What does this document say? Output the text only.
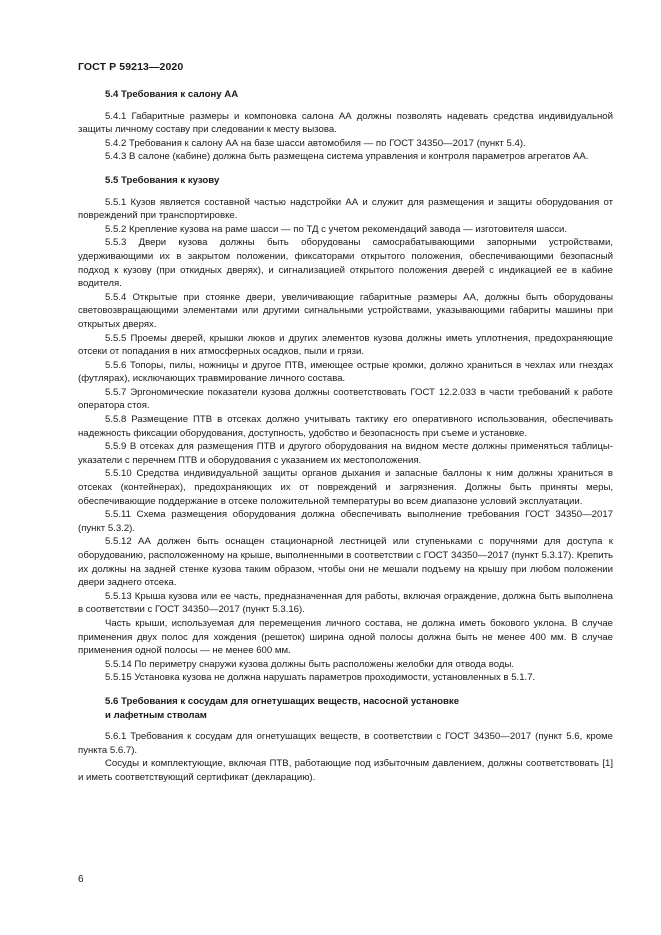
ГОСТ Р 59213—2020
5.4 Требования к салону АА

5.4.1 Габаритные размеры и компоновка салона АА должны позволять надевать средства индивидуальной защиты личному составу при следовании к месту вызова.

5.4.2 Требования к салону АА на базе шасси автомобиля — по ГОСТ 34350—2017 (пункт 5.4).

5.4.3 В салоне (кабине) должна быть размещена система управления и контроля параметров агрегатов АА.

5.5 Требования к кузову

5.5.1 Кузов является составной частью надстройки АА и служит для размещения и защиты оборудования от повреждений при транспортировке.

5.5.2 Крепление кузова на раме шасси — по ТД с учетом рекомендаций завода — изготовителя шасси.

5.5.3 Двери кузова должны быть оборудованы самосрабатывающими запорными устройствами, удерживающими их в закрытом положении, фиксаторами открытого положения, обеспечивающими безопасный подход к кузову (при откидных дверях), и сигнализацией открытого положения дверей с индикацией ее в кабине водителя.

5.5.4 Открытые при стоянке двери, увеличивающие габаритные размеры АА, должны быть оборудованы световозвращающими элементами или другими сигнальными устройствами, указывающими габариты машины при открытых дверях.

5.5.5 Проемы дверей, крышки люков и других элементов кузова должны иметь уплотнения, предохраняющие отсеки от попадания в них атмосферных осадков, пыли и грязи.

5.5.6 Топоры, пилы, ножницы и другое ПТВ, имеющее острые кромки, должно храниться в чехлах или гнездах (футлярах), исключающих травмирование личного состава.

5.5.7 Эргономические показатели кузова должны соответствовать ГОСТ 12.2.033 в части требований к работе оператора стоя.

5.5.8 Размещение ПТВ в отсеках должно учитывать тактику его оперативного использования, обеспечивать надежность фиксации оборудования, доступность, удобство и безопасность при съеме и установке.

5.5.9 В отсеках для размещения ПТВ и другого оборудования на видном месте должны применяться таблицы-указатели с перечнем ПТВ и оборудования с указанием их местоположения.

5.5.10 Средства индивидуальной защиты органов дыхания и запасные баллоны к ним должны храниться в отсеках (контейнерах), предохраняющих их от повреждений и загрязнения. Должны быть приняты меры, обеспечивающие поддержание в отсеке положительной температуры во всем диапазоне условий эксплуатации.

5.5.11 Схема размещения оборудования должна обеспечивать выполнение требования ГОСТ 34350—2017 (пункт 5.3.2).

5.5.12 АА должен быть оснащен стационарной лестницей или ступеньками с поручнями для доступа к оборудованию, расположенному на крыше, выполненными в соответствии с ГОСТ 34350—2017 (пункт 5.3.17). Крепить их должны на задней стенке кузова таким образом, чтобы они не мешали подъему на крышу при любом положении двери заднего отсека.

5.5.13 Крыша кузова или ее часть, предназначенная для работы, включая ограждение, должна быть выполнена в соответствии с ГОСТ 34350—2017 (пункт 5.3.16).

Часть крыши, используемая для перемещения личного состава, не должна иметь бокового уклона. В случае применения двух полос для хождения (решеток) ширина одной полосы должна быть не менее 400 мм. В случае применения одной полосы — не менее 600 мм.

5.5.14 По периметру снаружи кузова должны быть расположены желобки для отвода воды.

5.5.15 Установка кузова не должна нарушать параметров проходимости, установленных в 5.1.7.

5.6 Требования к сосудам для огнетушащих веществ, насосной установке
и лафетным стволам

5.6.1 Требования к сосудам для огнетушащих веществ, в соответствии с ГОСТ 34350—2017 (пункт 5.6, кроме пункта 5.6.7).

Сосуды и комплектующие, включая ПТВ, работающие под избыточным давлением, должны соответствовать [1] и иметь соответствующий сертификат (декларацию).

6
